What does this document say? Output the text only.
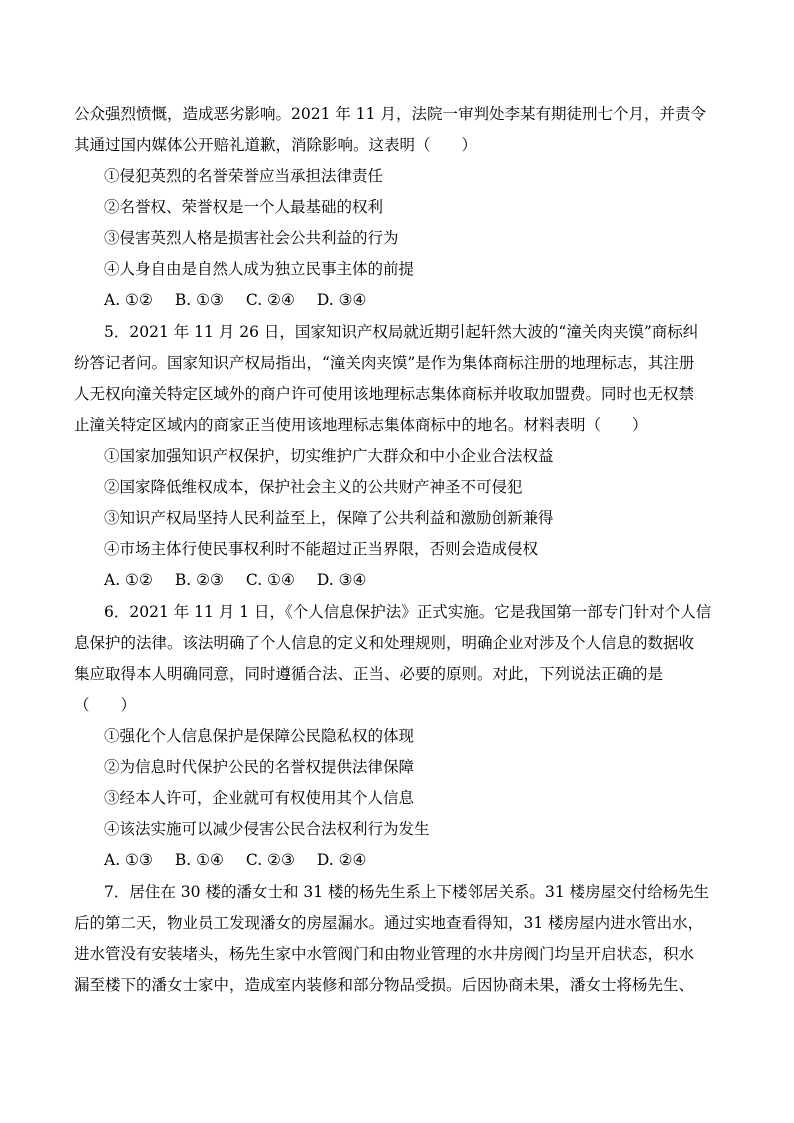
公众强烈愤慨，造成恶劣影响。2021 年 11 月，法院一审判处李某有期徒刑七个月，并责令
其通过国内媒体公开赔礼道歉，消除影响。这表明（　　）
①侵犯英烈的名誉荣誉应当承担法律责任
②名誉权、荣誉权是一个人最基础的权利
③侵害英烈人格是损害社会公共利益的行为
④人身自由是自然人成为独立民事主体的前提
A. ①② B. ①③ C. ②④ D. ③④
5．2021 年 11 月 26 日，国家知识产权局就近期引起轩然大波的“潼关肉夹馍”商标纠
纷答记者问。国家知识产权局指出，“潼关肉夹馍”是作为集体商标注册的地理标志，其注册
人无权向潼关特定区域外的商户许可使用该地理标志集体商标并收取加盟费。同时也无权禁
止潼关特定区域内的商家正当使用该地理标志集体商标中的地名。材料表明（　　）
①国家加强知识产权保护，切实维护广大群众和中小企业合法权益
②国家降低维权成本，保护社会主义的公共财产神圣不可侵犯
③知识产权局坚持人民利益至上，保障了公共利益和激励创新兼得
④市场主体行使民事权利时不能超过正当界限，否则会造成侵权
A. ①② B. ②③ C. ①④ D. ③④
6．2021 年 11 月 1 日，《个人信息保护法》正式实施。它是我国第一部专门针对个人信
息保护的法律。该法明确了个人信息的定义和处理规则，明确企业对涉及个人信息的数据收
集应取得本人明确同意，同时遵循合法、正当、必要的原则。对此，下列说法正确的是
（　　）
①强化个人信息保护是保障公民隐私权的体现
②为信息时代保护公民的名誉权提供法律保障
③经本人许可，企业就可有权使用其个人信息
④该法实施可以减少侵害公民合法权利行为发生
A. ①③ B. ①④ C. ②③ D. ②④
7．居住在 30 楼的潘女士和 31 楼的杨先生系上下楼邻居关系。31 楼房屋交付给杨先生
后的第二天，物业员工发现潘女的房屋漏水。通过实地查看得知，31 楼房屋内进水管出水，
进水管没有安装堵头，杨先生家中水管阀门和由物业管理的水井房阀门均呈开启状态，积水
漏至楼下的潘女士家中，造成室内装修和部分物品受损。后因协商未果，潘女士将杨先生、
